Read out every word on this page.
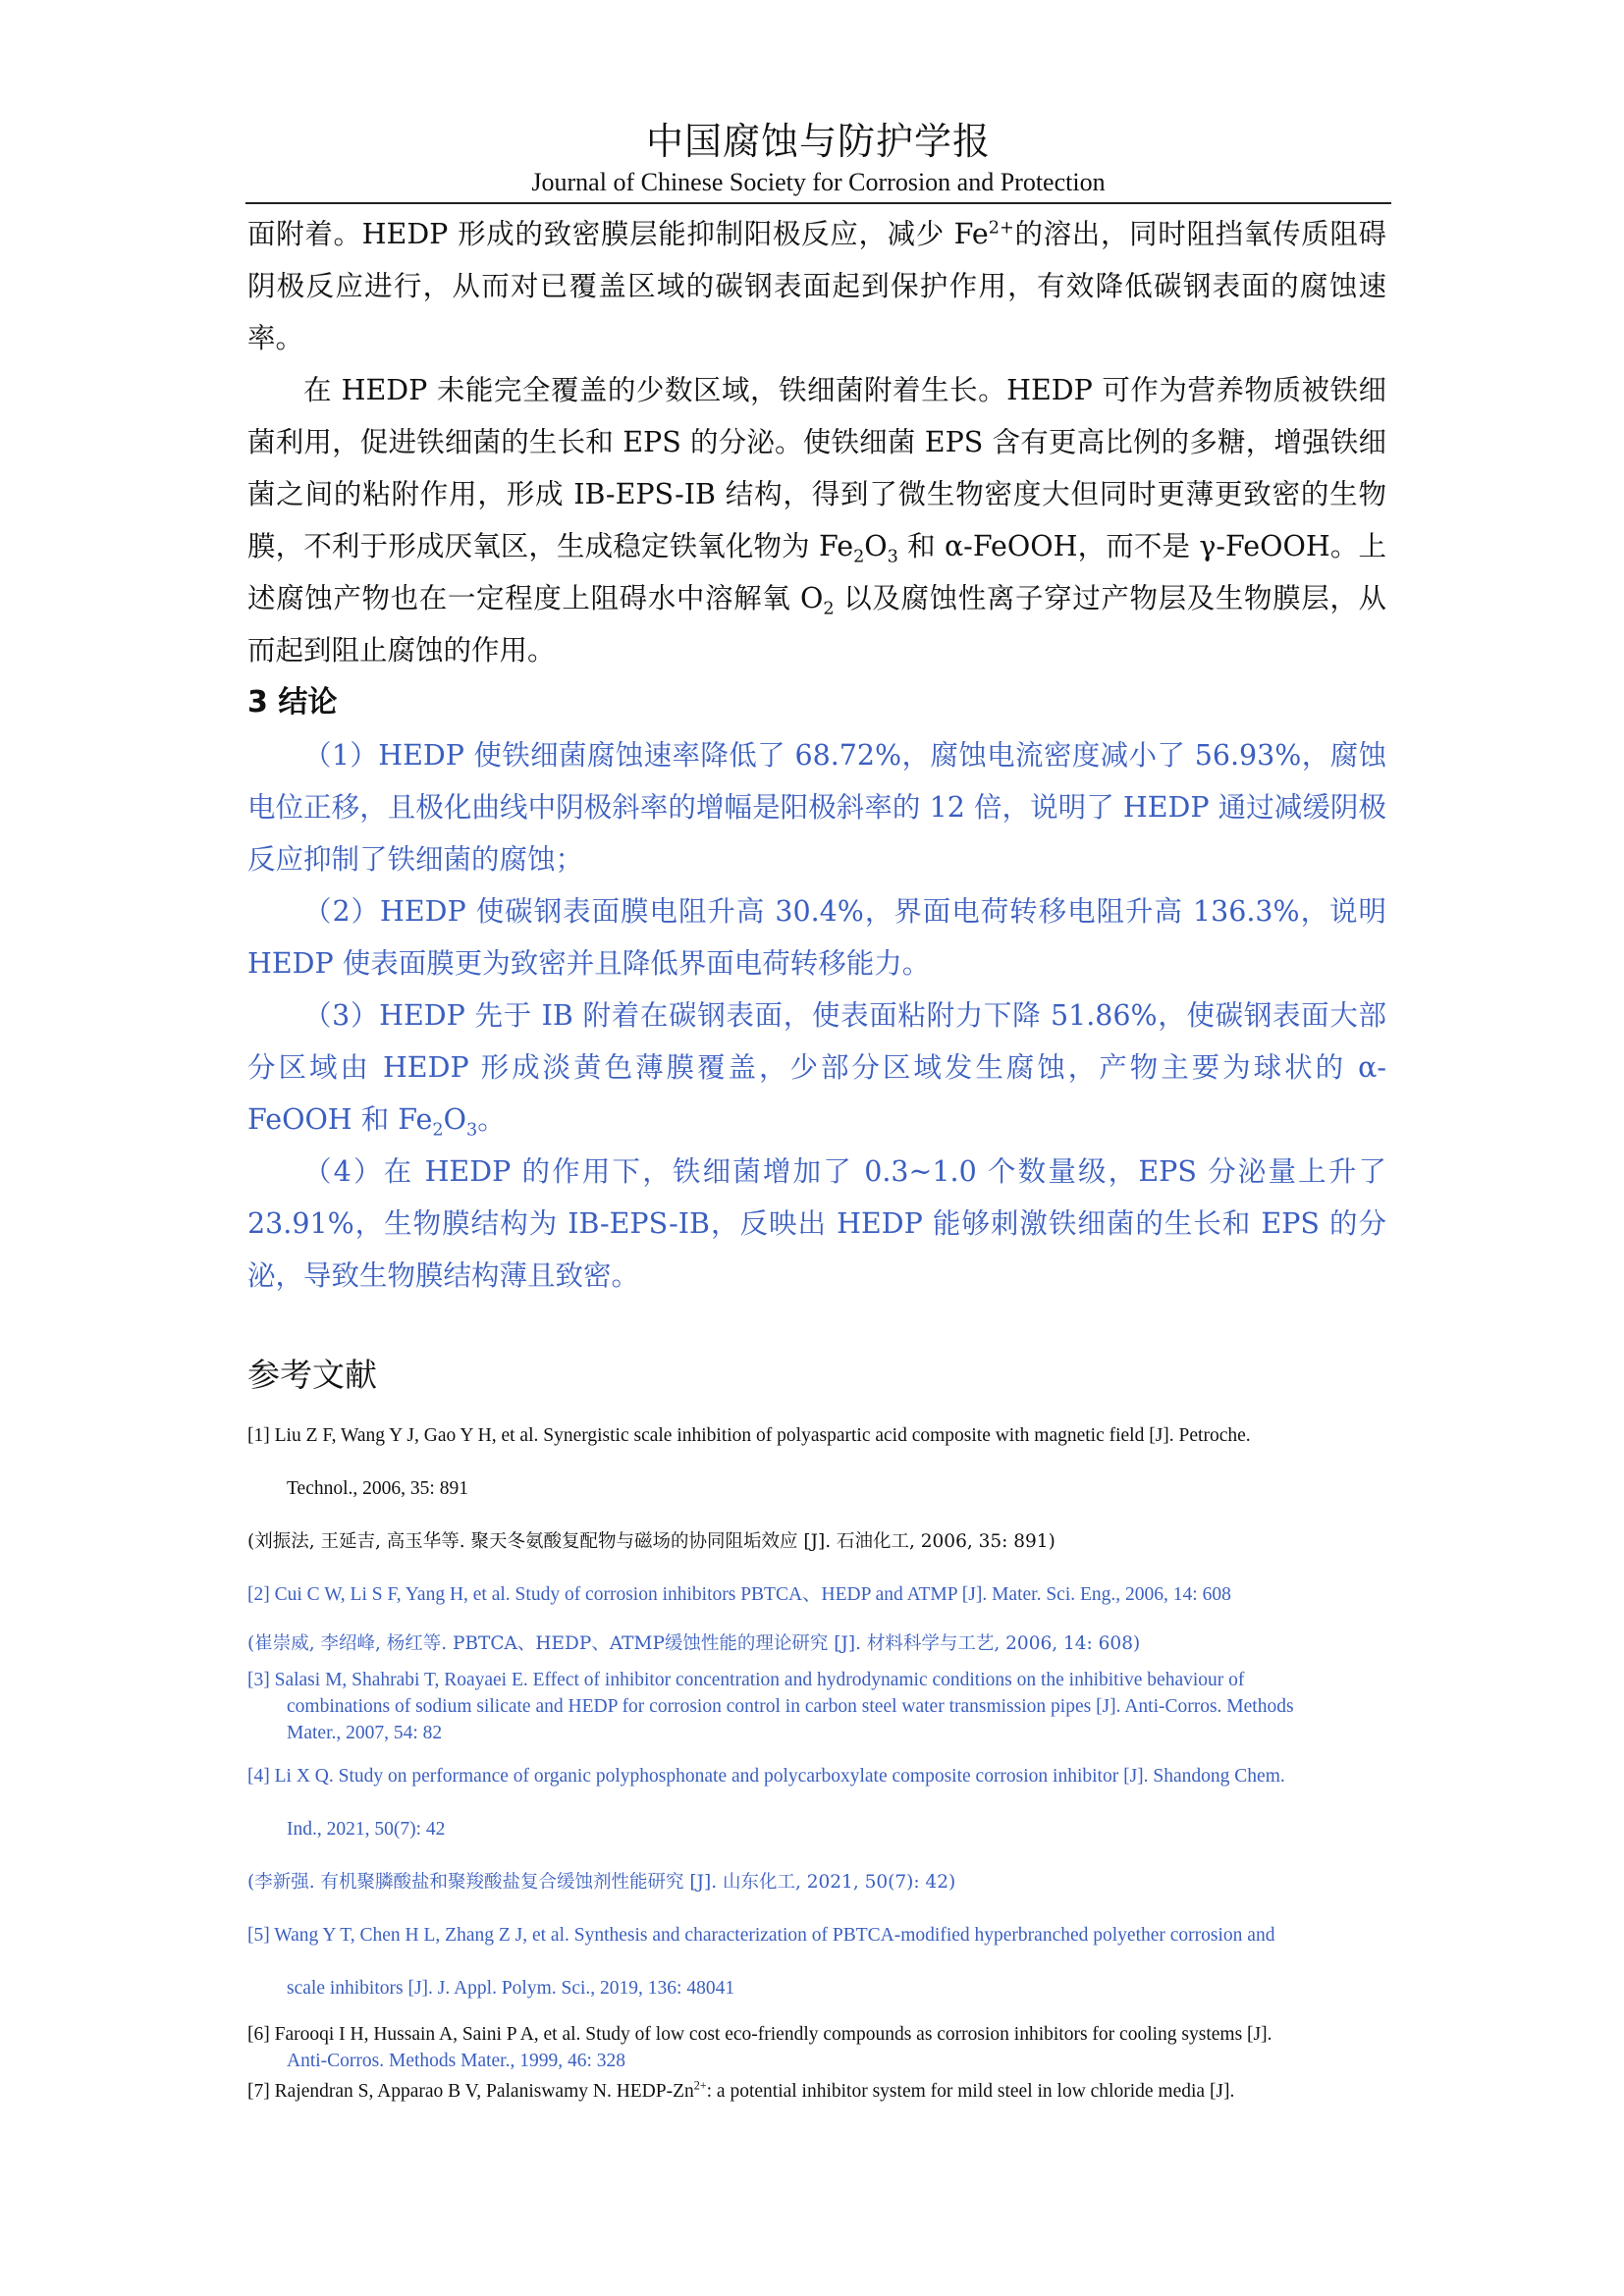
中国腐蚀与防护学报
Journal of Chinese Society for Corrosion and Protection

面附着。HEDP 形成的致密膜层能抑制阳极反应，减少 $Fe^{2+}$的溶出，同时阻挡氧传质阻碍阴极反应进行，从而对已覆盖区域的碳钢表面起到保护作用，有效降低碳钢表面的腐蚀速率。

在 HEDP 未能完全覆盖的少数区域，铁细菌附着生长。HEDP 可作为营养物质被铁细菌利用，促进铁细菌的生长和 EPS 的分泌。使铁细菌 EPS 含有更高比例的多糖，增强铁细菌之间的粘附作用，形成 IB-EPS-IB 结构，得到了微生物密度大但同时更薄更致密的生物膜，不利于形成厌氧区，生成稳定铁氧化物为 $Fe_2O_3$ 和 α-FeOOH，而不是 γ-FeOOH。上述腐蚀产物也在一定程度上阻碍水中溶解氧 $O_2$ 以及腐蚀性离子穿过产物层及生物膜层，从而起到阻止腐蚀的作用。

3 结论

（1）HEDP 使铁细菌腐蚀速率降低了 68.72%，腐蚀电流密度减小了 56.93%，腐蚀电位正移，且极化曲线中阴极斜率的增幅是阳极斜率的 12 倍，说明了 HEDP 通过减缓阴极反应抑制了铁细菌的腐蚀；

（2）HEDP 使碳钢表面膜电阻升高 30.4%，界面电荷转移电阻升高 136.3%，说明 HEDP 使表面膜更为致密并且降低界面电荷转移能力。

（3）HEDP 先于 IB 附着在碳钢表面，使表面粘附力下降 51.86%，使碳钢表面大部分区域由 HEDP 形成淡黄色薄膜覆盖，少部分区域发生腐蚀，产物主要为球状的 α-FeOOH 和 $Fe_2O_3$。

（4）在 HEDP 的作用下，铁细菌增加了 0.3~1.0 个数量级，EPS 分泌量上升了 23.91%，生物膜结构为 IB-EPS-IB，反映出 HEDP 能够刺激铁细菌的生长和 EPS 的分泌，导致生物膜结构薄且致密。

参考文献

[1] Liu Z F, Wang Y J, Gao Y H, et al. Synergistic scale inhibition of polyaspartic acid composite with magnetic field [J]. Petroche.
Technol., 2006, 35: 891

(刘振法, 王延吉, 高玉华等. 聚天冬氨酸复配物与磁场的协同阻垢效应 [J]. 石油化工, 2006, 35: 891)

[2] Cui C W, Li S F, Yang H, et al. Study of corrosion inhibitors PBTCA、HEDP and ATMP [J]. Mater. Sci. Eng., 2006, 14: 608

(崔崇威, 李绍峰, 杨红等. PBTCA、HEDP、ATMP缓蚀性能的理论研究 [J]. 材料科学与工艺, 2006, 14: 608)

[3] Salasi M, Shahrabi T, Roayaei E. Effect of inhibitor concentration and hydrodynamic conditions on the inhibitive behaviour of
combinations of sodium silicate and HEDP for corrosion control in carbon steel water transmission pipes [J]. Anti-Corros. Methods
Mater., 2007, 54: 82

[4] Li X Q. Study on performance of organic polyphosphonate and polycarboxylate composite corrosion inhibitor [J]. Shandong Chem.
Ind., 2021, 50(7): 42

(李新强. 有机聚膦酸盐和聚羧酸盐复合缓蚀剂性能研究 [J]. 山东化工, 2021, 50(7): 42)

[5] Wang Y T, Chen H L, Zhang Z J, et al. Synthesis and characterization of PBTCA-modified hyperbranched polyether corrosion and
scale inhibitors [J]. J. Appl. Polym. Sci., 2019, 136: 48041

[6] Farooqi I H, Hussain A, Saini P A, et al. Study of low cost eco-friendly compounds as corrosion inhibitors for cooling systems [J].
Anti-Corros. Methods Mater., 1999, 46: 328

[7] Rajendran S, Apparao B V, Palaniswamy N. HEDP-$Zn^{2+}$: a potential inhibitor system for mild steel in low chloride media [J].
